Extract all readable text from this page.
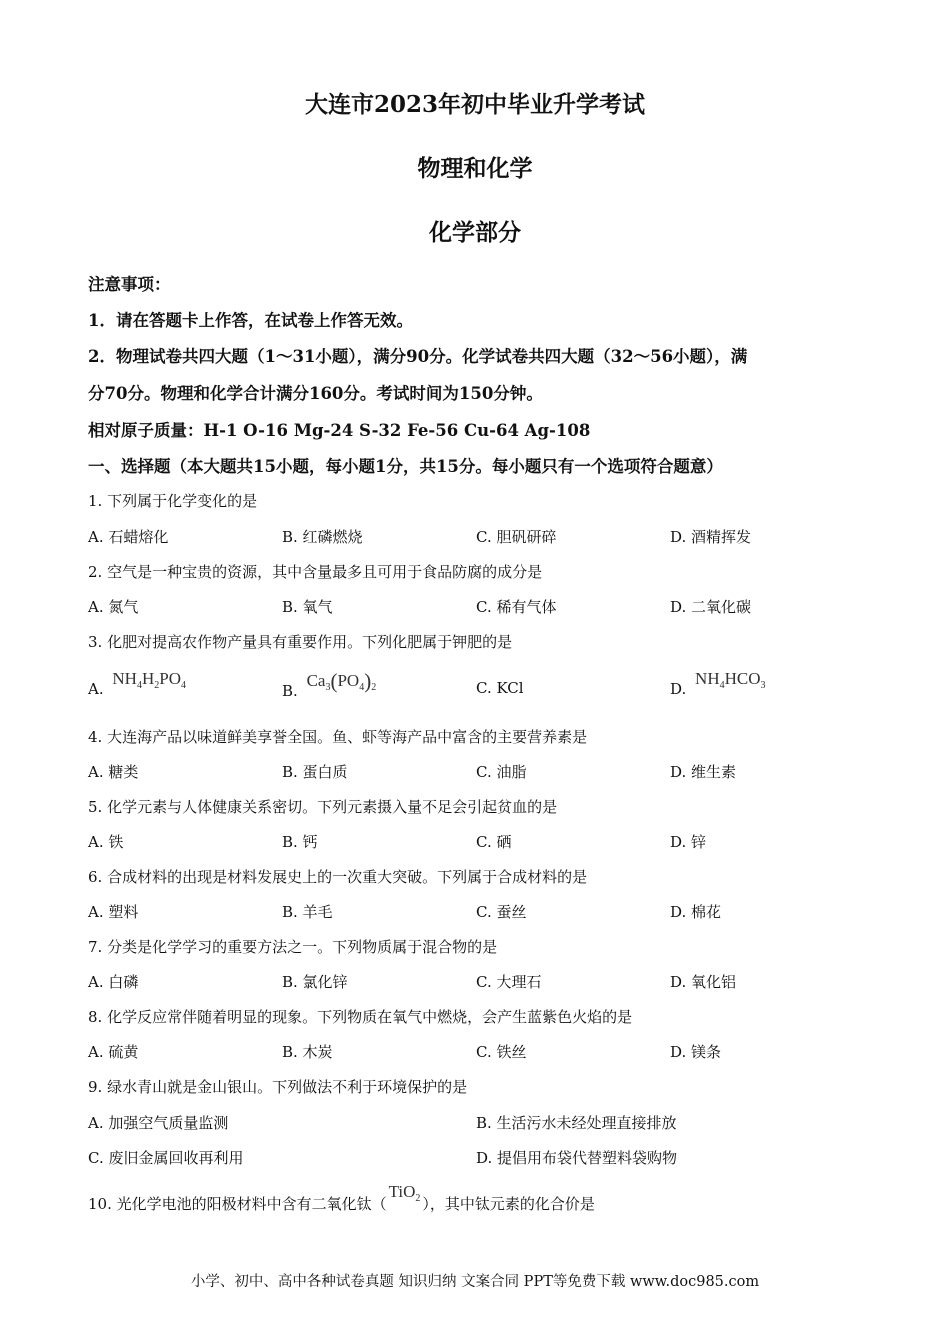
大连市2023年初中毕业升学考试
物理和化学
化学部分
注意事项：
1．请在答题卡上作答，在试卷上作答无效。
2．物理试卷共四大题（1～31小题），满分90分。化学试卷共四大题（32～56小题），满
分70分。物理和化学合计满分160分。考试时间为150分钟。
相对原子质量：H-1 O-16 Mg-24 S-32 Fe-56 Cu-64 Ag-108
一、选择题（本大题共15小题，每小题1分，共15分。每小题只有一个选项符合题意）
1. 下列属于化学变化的是
A. 石蜡熔化	B. 红磷燃烧	C. 胆矾研碎	D. 酒精挥发
2. 空气是一种宝贵的资源，其中含量最多且可用于食品防腐的成分是
A. 氮气	B. 氧气	C. 稀有气体	D. 二氧化碳
3. 化肥对提高农作物产量具有重要作用。下列化肥属于钾肥的是
A. $NH_4H_2PO_4$	B. $Ca_3(PO_4)_2$	C. KCl	D. $NH_4HCO_3$
4. 大连海产品以味道鲜美享誉全国。鱼、虾等海产品中富含的主要营养素是
A. 糖类	B. 蛋白质	C. 油脂	D. 维生素
5. 化学元素与人体健康关系密切。下列元素摄入量不足会引起贫血的是
A. 铁	B. 钙	C. 硒	D. 锌
6. 合成材料的出现是材料发展史上的一次重大突破。下列属于合成材料的是
A. 塑料	B. 羊毛	C. 蚕丝	D. 棉花
7. 分类是化学学习的重要方法之一。下列物质属于混合物的是
A. 白磷	B. 氯化锌	C. 大理石	D. 氧化铝
8. 化学反应常伴随着明显的现象。下列物质在氧气中燃烧，会产生蓝紫色火焰的是
A. 硫黄	B. 木炭	C. 铁丝	D. 镁条
9. 绿水青山就是金山银山。下列做法不利于环境保护的是
A. 加强空气质量监测	B. 生活污水未经处理直接排放
C. 废旧金属回收再利用	D. 提倡用布袋代替塑料袋购物
10. 光化学电池的阳极材料中含有二氧化钛（TiO$_2$ ），其中钛元素的化合价是
小学、初中、高中各种试卷真题 知识归纳 文案合同 PPT等免费下载 www.doc985.com
